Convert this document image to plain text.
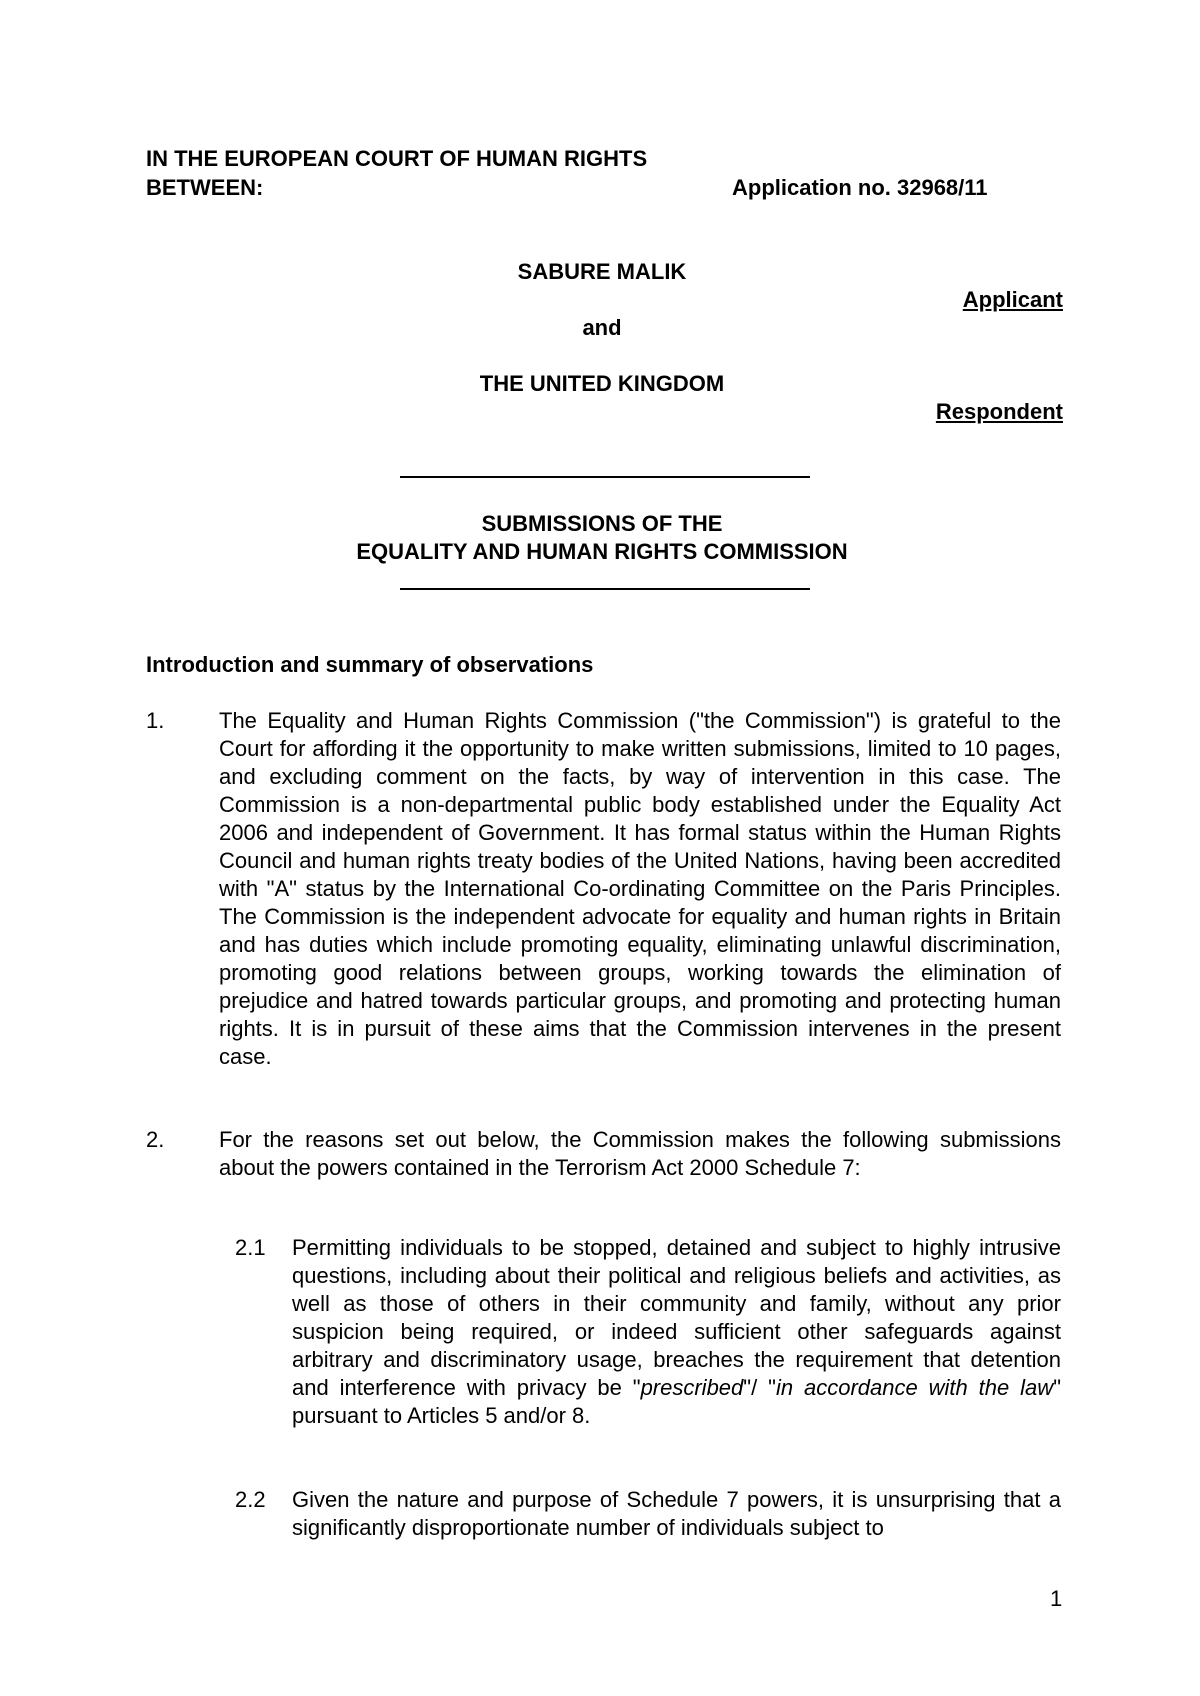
IN THE EUROPEAN COURT OF HUMAN RIGHTS
BETWEEN:	Application no. 32968/11
SABURE MALIK
Applicant
and
THE UNITED KINGDOM
Respondent
SUBMISSIONS OF THE
EQUALITY AND HUMAN RIGHTS COMMISSION
Introduction and summary of observations
1. The Equality and Human Rights Commission ("the Commission") is grateful to the Court for affording it the opportunity to make written submissions, limited to 10 pages, and excluding comment on the facts, by way of intervention in this case. The Commission is a non-departmental public body established under the Equality Act 2006 and independent of Government. It has formal status within the Human Rights Council and human rights treaty bodies of the United Nations, having been accredited with "A" status by the International Co-ordinating Committee on the Paris Principles. The Commission is the independent advocate for equality and human rights in Britain and has duties which include promoting equality, eliminating unlawful discrimination, promoting good relations between groups, working towards the elimination of prejudice and hatred towards particular groups, and promoting and protecting human rights. It is in pursuit of these aims that the Commission intervenes in the present case.
2. For the reasons set out below, the Commission makes the following submissions about the powers contained in the Terrorism Act 2000 Schedule 7:
2.1 Permitting individuals to be stopped, detained and subject to highly intrusive questions, including about their political and religious beliefs and activities, as well as those of others in their community and family, without any prior suspicion being required, or indeed sufficient other safeguards against arbitrary and discriminatory usage, breaches the requirement that detention and interference with privacy be "prescribed"/ "in accordance with the law" pursuant to Articles 5 and/or 8.
2.2 Given the nature and purpose of Schedule 7 powers, it is unsurprising that a significantly disproportionate number of individuals subject to
1
